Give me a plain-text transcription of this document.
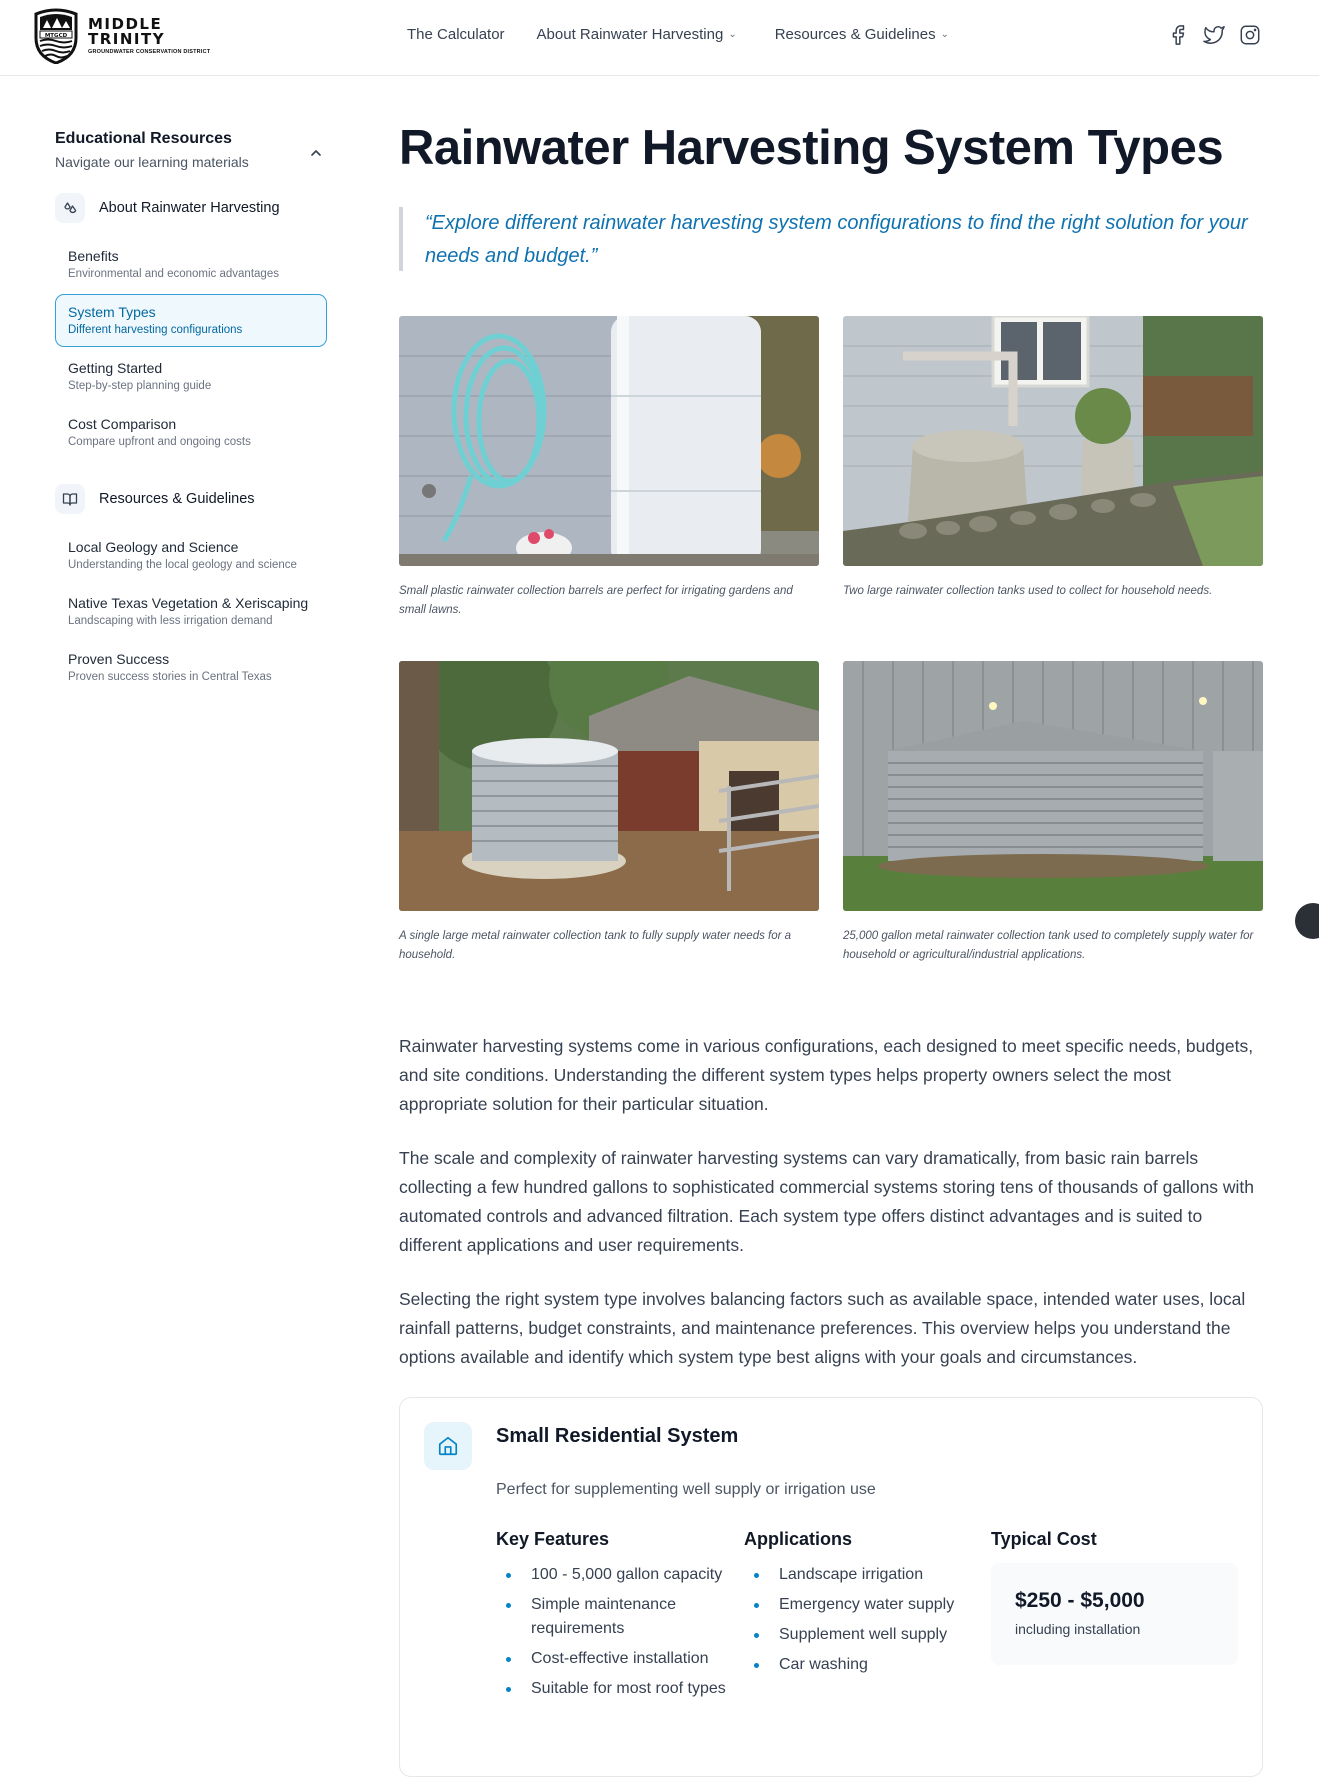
MTGCD
MIDDLE
TRINITY
GROUNDWATER CONSERVATION DISTRICT
The Calculator About Rainwater Harvesting ⌄	Resources & Guidelines ⌄
Educational Resources
Navigate our learning materials
About Rainwater Harvesting
Benefits
Environmental and economic advantages
System Types
Different harvesting configurations
Getting Started
Step-by-step planning guide
Cost Comparison
Compare upfront and ongoing costs
Resources & Guidelines
Local Geology and Science
Understanding the local geology and science
Native Texas Vegetation & Xeriscaping
Landscaping with less irrigation demand
Proven Success
Proven success stories in Central Texas
Rainwater Harvesting System Types
“Explore different rainwater harvesting system configurations to find the right solution for your needs and budget.”
Small plastic rainwater collection barrels are perfect for irrigating gardens and small lawns.
Two large rainwater collection tanks used to collect for household needs.
A single large metal rainwater collection tank to fully supply water needs for a household.
25,000 gallon metal rainwater collection tank used to completely supply water for household or agricultural/industrial applications.

Rainwater harvesting systems come in various configurations, each designed to meet specific needs, budgets, and site conditions. Understanding the different system types helps property owners select the most appropriate solution for their particular situation.

The scale and complexity of rainwater harvesting systems can vary dramatically, from basic rain barrels collecting a few hundred gallons to sophisticated commercial systems storing tens of thousands of gallons with automated controls and advanced filtration. Each system type offers distinct advantages and is suited to different applications and user requirements.

Selecting the right system type involves balancing factors such as available space, intended water uses, local rainfall patterns, budget constraints, and maintenance preferences. This overview helps you understand the options available and identify which system type best aligns with your goals and circumstances.

Small Residential System

Perfect for supplementing well supply or irrigation use

Key Features
100 - 5,000 gallon capacity
Simple maintenance requirements
Cost-effective installation
Suitable for most roof types
Applications
Landscape irrigation
Emergency water supply
Supplement well supply
Car washing
Typical Cost
$250 - $5,000
including installation
